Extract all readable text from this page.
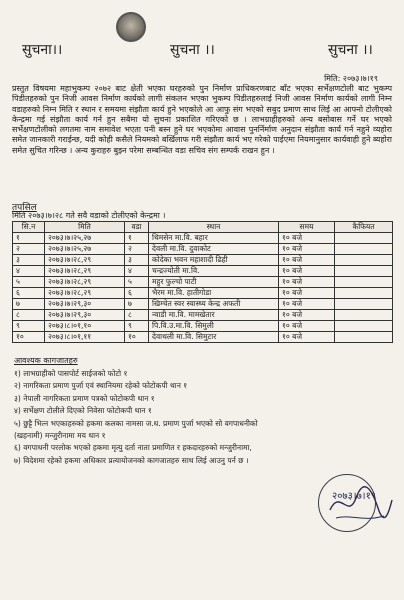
सुचना।।	सुचना ।।	सुचना ।।
मिति: २०७३।७।१९
प्रस्तुत विषयमा महाभुकम्प २०७२ बाट क्षेती भएका घरहरुको पुन निर्माण प्राधिकरणबाट बाँट भएका सर्भेक्षणटोली बाट भुकम्प पिडीतहरुको पुन निजी आवस निर्माण कार्यको लागी संकलन भएका भुकम्प पिडीतहरुलाई निजी आवस निर्माण कार्यको लागी निम्न वडाहरुको निम्न मिति र स्थान र समयमा संझौता कार्य हुने भएकोले आ आफु संग भएको सबुद प्रमाण साथ लिई आ आफ्नो टोलीएको केन्द्रमा गई संझौता कार्य गर्न हुन सबैमा यो सुचना प्रकाशित गरिएको छ । लाभग्राहीहरुको अन्य बसोबास गर्ने घर भएको सर्भेक्षणटोलीको लगतमा नाम समावेश भएता पनी बस्न हुने घर भएकोमा आवास पुनर्निर्माण अनुदान संझौता कार्य गर्न नहुने व्यहोरा समेत जानकारी गराईन्छ, यदी कोही कसैले नियमको बर्खिलाफ गरी संझौता कार्य भए गरेको पाईएमा नियमानुसार कार्यवाही हुने ब्यहोरा समेत सुचित गरिन्छ । अन्य कुराहरु बुझ्न परेमा सम्बन्धित वडा सचिव संग सम्पर्क राखन हुन ।
तपसिल
मिति २०७३।७।२८ गते सवै वडाको टोलीएको केन्द्रमा ।
सि.न	मिति	वडा	स्थान	समय	कैफियत
१	२०७३।७।२५,२७	१	थिमसेन मा.वि. बहार	१० बजे	
२	२०७३।७।२५,२७	२	देवली मा.वि. दुवाकोट	१० बजे	
३	२०७३।७।२८,२९	३	कोदेका भवन महाशादी ढिही	१० बजे	
४	२०७३।७।२८,२९	४	चन्द्रज्योती मा.वि.	१० बजे	
५	२०७३।७।२८,२९	५	महुर फुल्चो पाटी	१० बजे	
६	२०७३।७।२८,२९	६	भैरम मा.वि. हातीगोडा	१० बजे	
७	२०७३।७।२९,३०	७	खिम्चेत स्वर स्वास्थ्य केन्द्र अफती	१० बजे	
८	२०७३।७।२९,३०	८	न्वाडी मा.वि. मामखेतार	१० बजे	
९	२०७३।८।०१,१०	९	पि.वि.उ.मा.वि. सिमुली	१० बजे	
१०	२०७३।८।०१,११	१०	देवाथली मा.वि. सिमुटार	१० बजे	
आवश्यक कागजातहरु
१) लाभग्राहीको पासपोर्ट साईजको फोटो १
२) नागरिकता प्रमाण पुर्जा एवं स्थानियमा रहेको फोटोकपी थान १
३) नेपाली नागरिकता प्रमाण पत्रको फोटोकपी थान १
४) सर्भेक्षण टोलीले दिएको निवेसा फोटोकपी थान १
५) छुट्टै भित्न भएकाहरुको हकमा कलका नामसा ज.ध. प्रमाण पुर्जा भएको सो वगपाधनीको
(खहनामी) मन्जुरीनामा मय थान १
६) वगपाधनी परलोक भएको हकमा मृत्यु दर्ता नाता प्रमाणित र हकदारहरुको मन्जुरीनामा,
७) विदेशमा रहेको हकमा अधिकार प्रत्यायोजनको कागजातहरु साथ लिई आउनु पर्न छ ।
२०७३।७।१९
